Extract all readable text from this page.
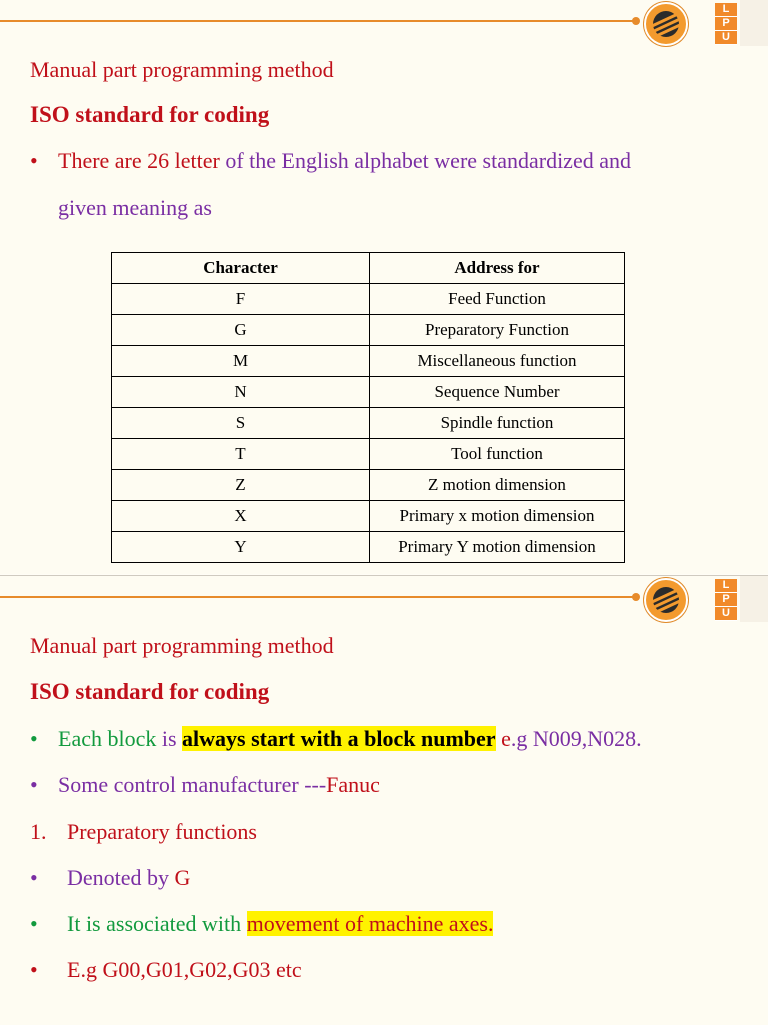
L
P
U
Manual part programming method
ISO standard for coding
• There are 26 letter of the English alphabet were standardized and
given meaning as
Character	Address for
F	Feed Function
G	Preparatory Function
M	Miscellaneous function
N	Sequence Number
S	Spindle function
T	Tool function
Z	Z motion dimension
X	Primary x motion dimension
Y	Primary Y motion dimension
L
P
U
Manual part programming method
ISO standard for coding
• Each block is always start with a block number e.g N009,N028.
• Some control manufacturer ---Fanuc
1. Preparatory functions
• Denoted by G
• It is associated with movement of machine axes.
• E.g G00,G01,G02,G03 etc
